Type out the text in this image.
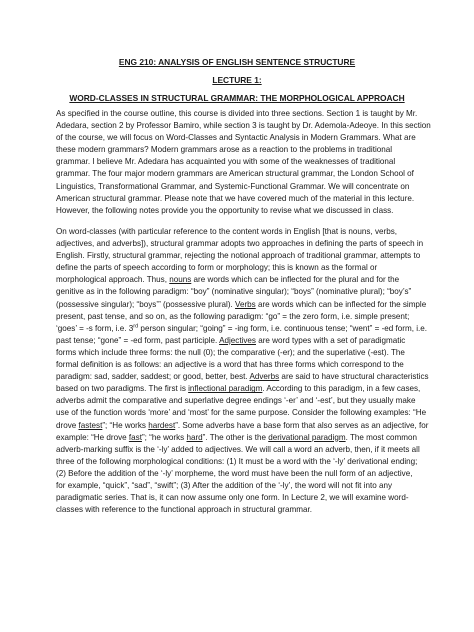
ENG 210: ANALYSIS OF ENGLISH SENTENCE STRUCTURE
LECTURE 1:
WORD-CLASSES IN STRUCTURAL GRAMMAR: THE MORPHOLOGICAL APPROACH
As specified in the course outline, this course is divided into three sections. Section 1 is taught by Mr.
Adedara, section 2 by Professor Bamiro, while section 3 is taught by Dr. Ademola-Adeoye. In this section
of the course, we will focus on Word-Classes and Syntactic Analysis in Modern Grammars. What are
these modern grammars? Modern grammars arose as a reaction to the problems in traditional
grammar. I believe Mr. Adedara has acquainted you with some of the weaknesses of traditional
grammar. The four major modern grammars are American structural grammar, the London School of
Linguistics, Transformational Grammar, and Systemic-Functional Grammar. We will concentrate on
American structural grammar. Please note that we have covered much of the material in this lecture.
However, the following notes provide you the opportunity to revise what we discussed in class.
On word-classes (with particular reference to the content words in English [that is nouns, verbs,
adjectives, and adverbs]), structural grammar adopts two approaches in defining the parts of speech in
English. Firstly, structural grammar, rejecting the notional approach of traditional grammar, attempts to
define the parts of speech according to form or morphology; this is known as the formal or
morphological approach. Thus, nouns are words which can be inflected for the plural and for the
genitive as in the following paradigm: “boy” (nominative singular); “boys” (nominative plural); “boy’s”
(possessive singular); “boys’” (possessive plural). Verbs are words which can be inflected for the simple
present, past tense, and so on, as the following paradigm: “go” = the zero form, i.e. simple present;
‘goes’ = -s form, i.e. 3rd person singular; “going” = -ing form, i.e. continuous tense; “went” = -ed form, i.e.
past tense; “gone” = -ed form, past participle. Adjectives are word types with a set of paradigmatic
forms which include three forms: the null (0); the comparative (-er); and the superlative (-est). The
formal definition is as follows: an adjective is a word that has three forms which correspond to the
paradigm: sad, sadder, saddest; or good, better, best. Adverbs are said to have structural characteristics
based on two paradigms. The first is inflectional paradigm. According to this paradigm, in a few cases,
adverbs admit the comparative and superlative degree endings ‘-er’ and ‘-est’, but they usually make
use of the function words ‘more’ and ‘most’ for the same purpose. Consider the following examples: “He
drove fastest”; “He works hardest”. Some adverbs have a base form that also serves as an adjective, for
example: “He drove fast”; “he works hard”. The other is the derivational paradigm. The most common
adverb-marking suffix is the ‘-ly’ added to adjectives. We will call a word an adverb, then, if it meets all
three of the following morphological conditions: (1) It must be a word with the ‘-ly’ derivational ending;
(2) Before the addition of the ‘-ly’ morpheme, the word must have been the null form of an adjective,
for example, “quick”, “sad”, “swift”; (3) After the addition of the ‘-ly’, the word will not fit into any
paradigmatic series. That is, it can now assume only one form. In Lecture 2, we will examine word-
classes with reference to the functional approach in structural grammar.
